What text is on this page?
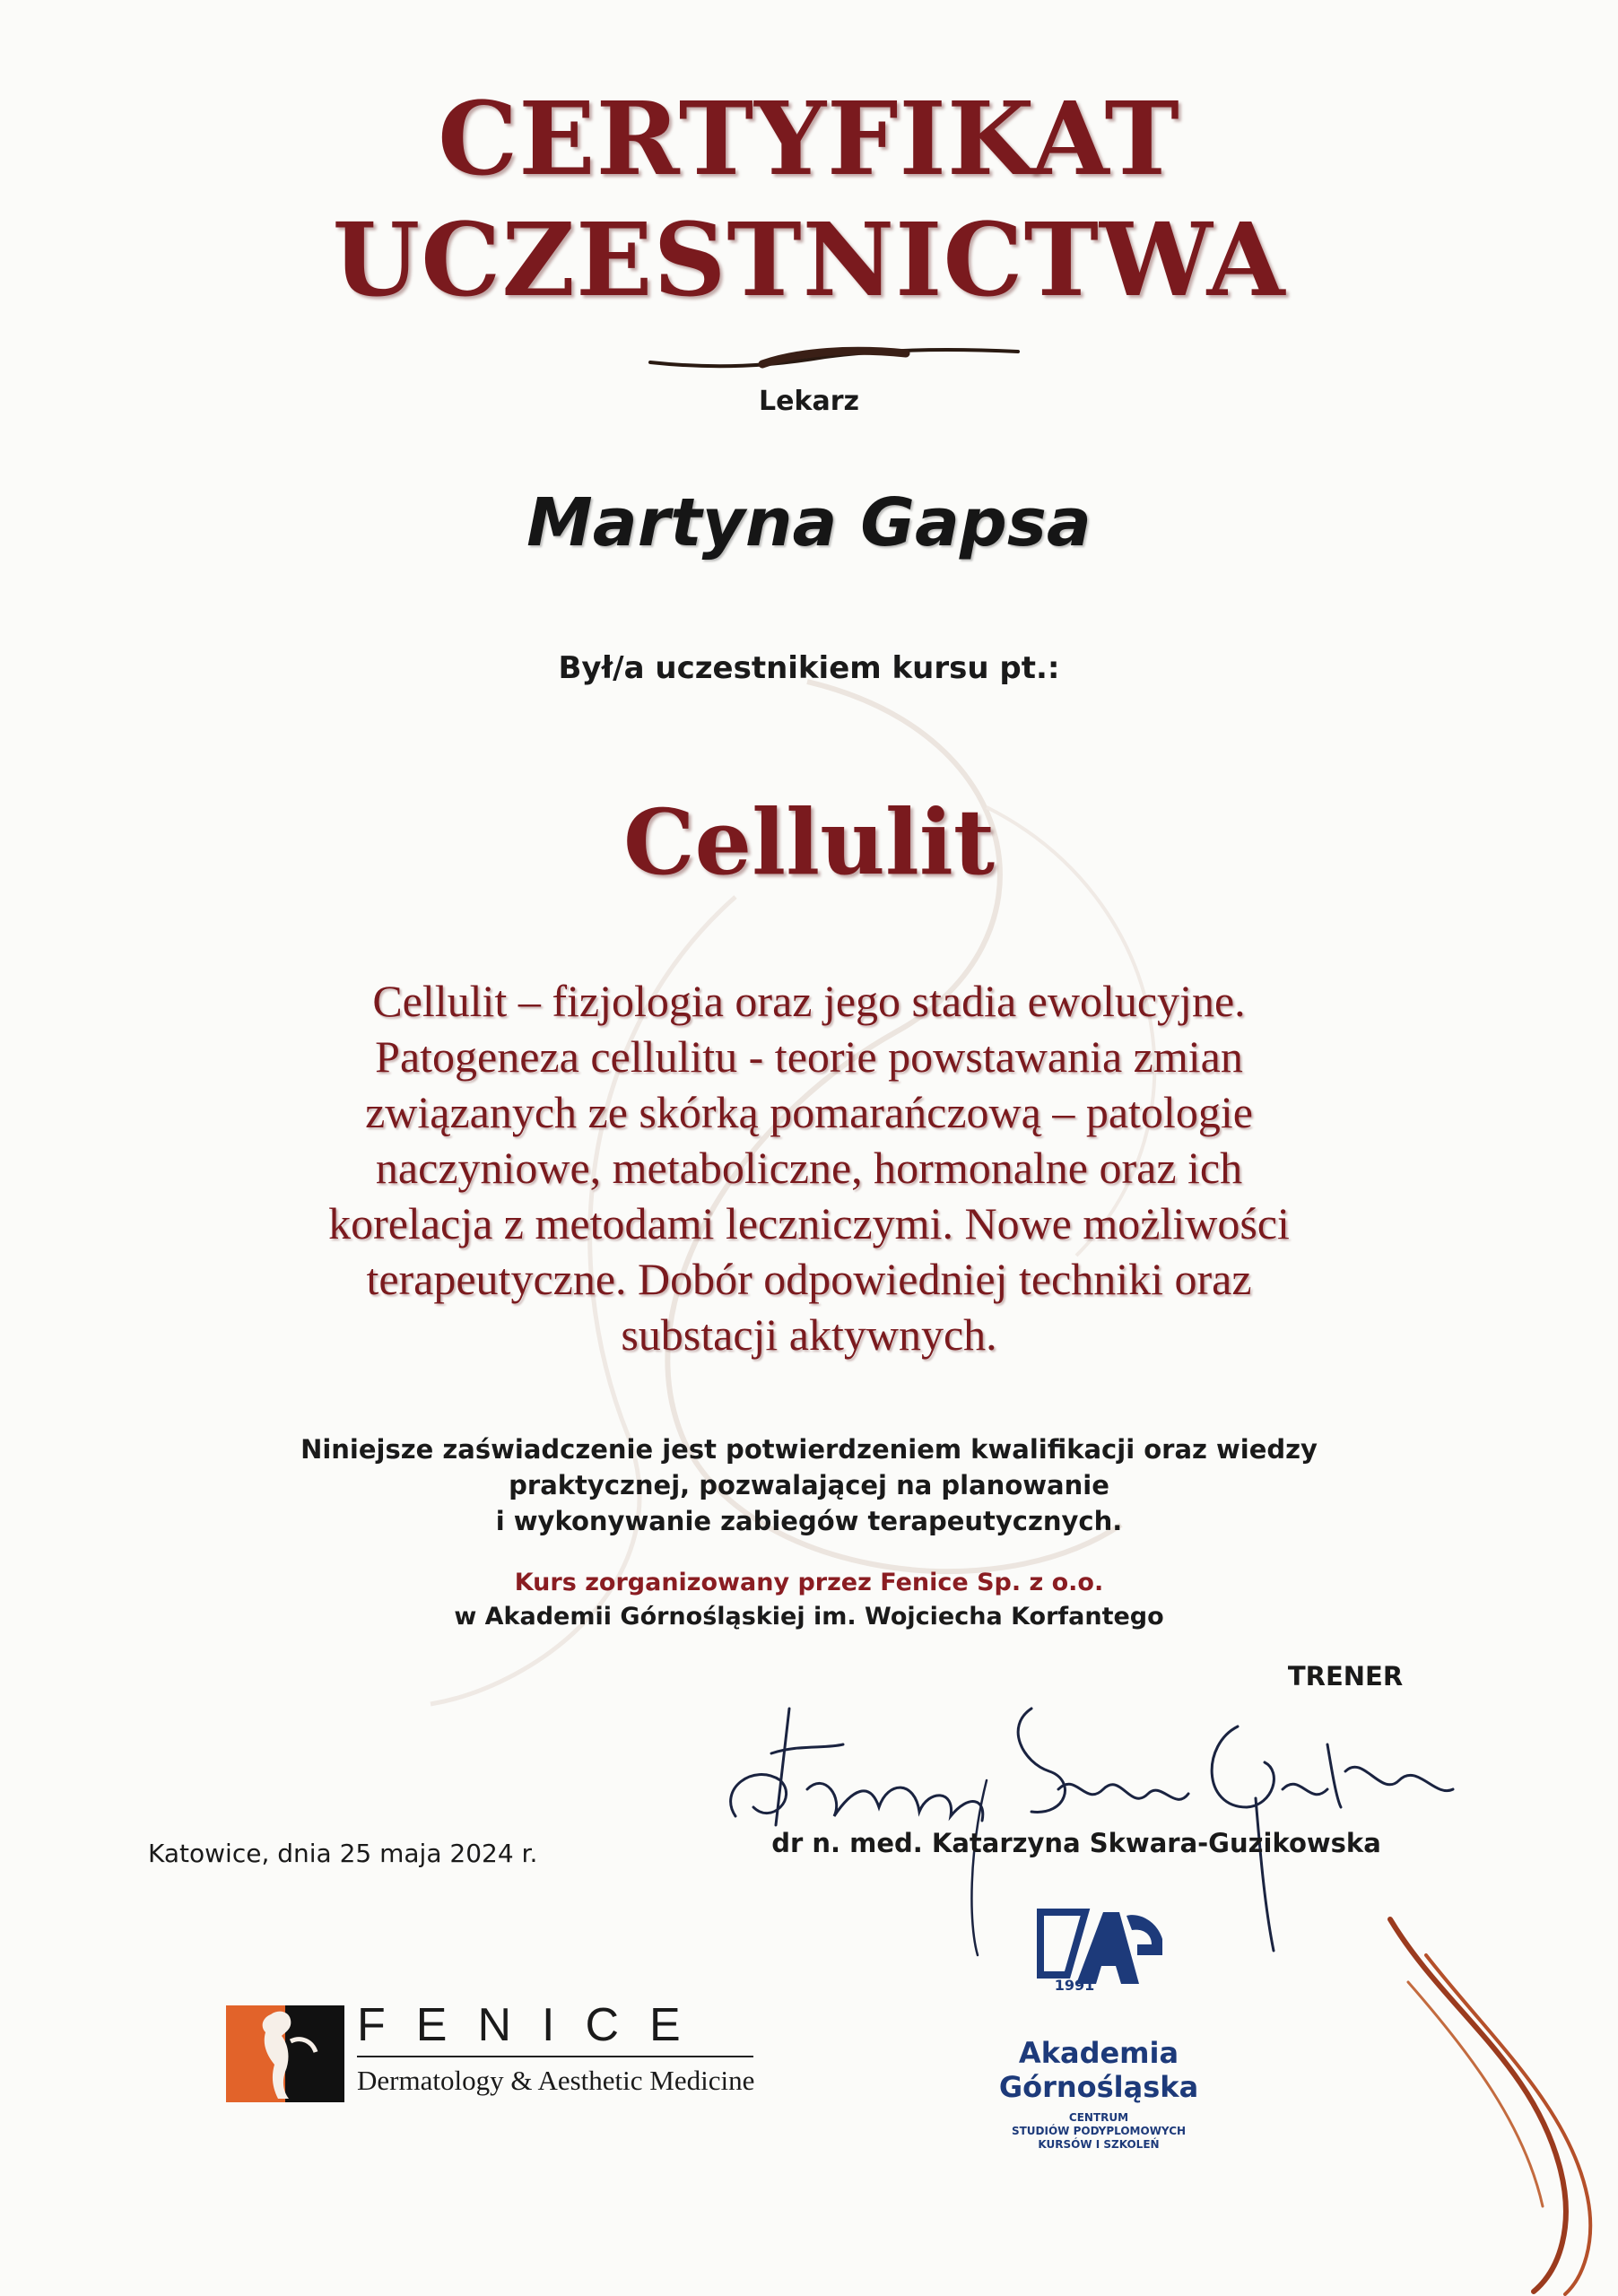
CERTYFIKAT
UCZESTNICTWA
Lekarz
Martyna Gapsa
Był/a uczestnikiem kursu pt.:
Cellulit
Cellulit – fizjologia oraz jego stadia ewolucyjne.
Patogeneza cellulitu - teorie powstawania zmian
związanych ze skórką pomarańczową – patologie
naczyniowe, metaboliczne, hormonalne oraz ich
korelacja z metodami leczniczymi. Nowe możliwości
terapeutyczne. Dobór odpowiedniej techniki oraz
substacji aktywnych.
Niniejsze zaświadczenie jest potwierdzeniem kwalifikacji oraz wiedzy
praktycznej, pozwalającej na planowanie
i wykonywanie zabiegów terapeutycznych.
Kurs zorganizowany przez Fenice Sp. z o.o.
w Akademii Górnośląskiej im. Wojciecha Korfantego
TRENER
dr n. med. Katarzyna Skwara-Guzikowska
Katowice, dnia 25 maja 2024 r.
FENICE
Dermatology & Aesthetic Medicine
1991
Akademia
Górnośląska
CENTRUM
STUDIÓW PODYPLOMOWYCH
KURSÓW I SZKOLEŃ
